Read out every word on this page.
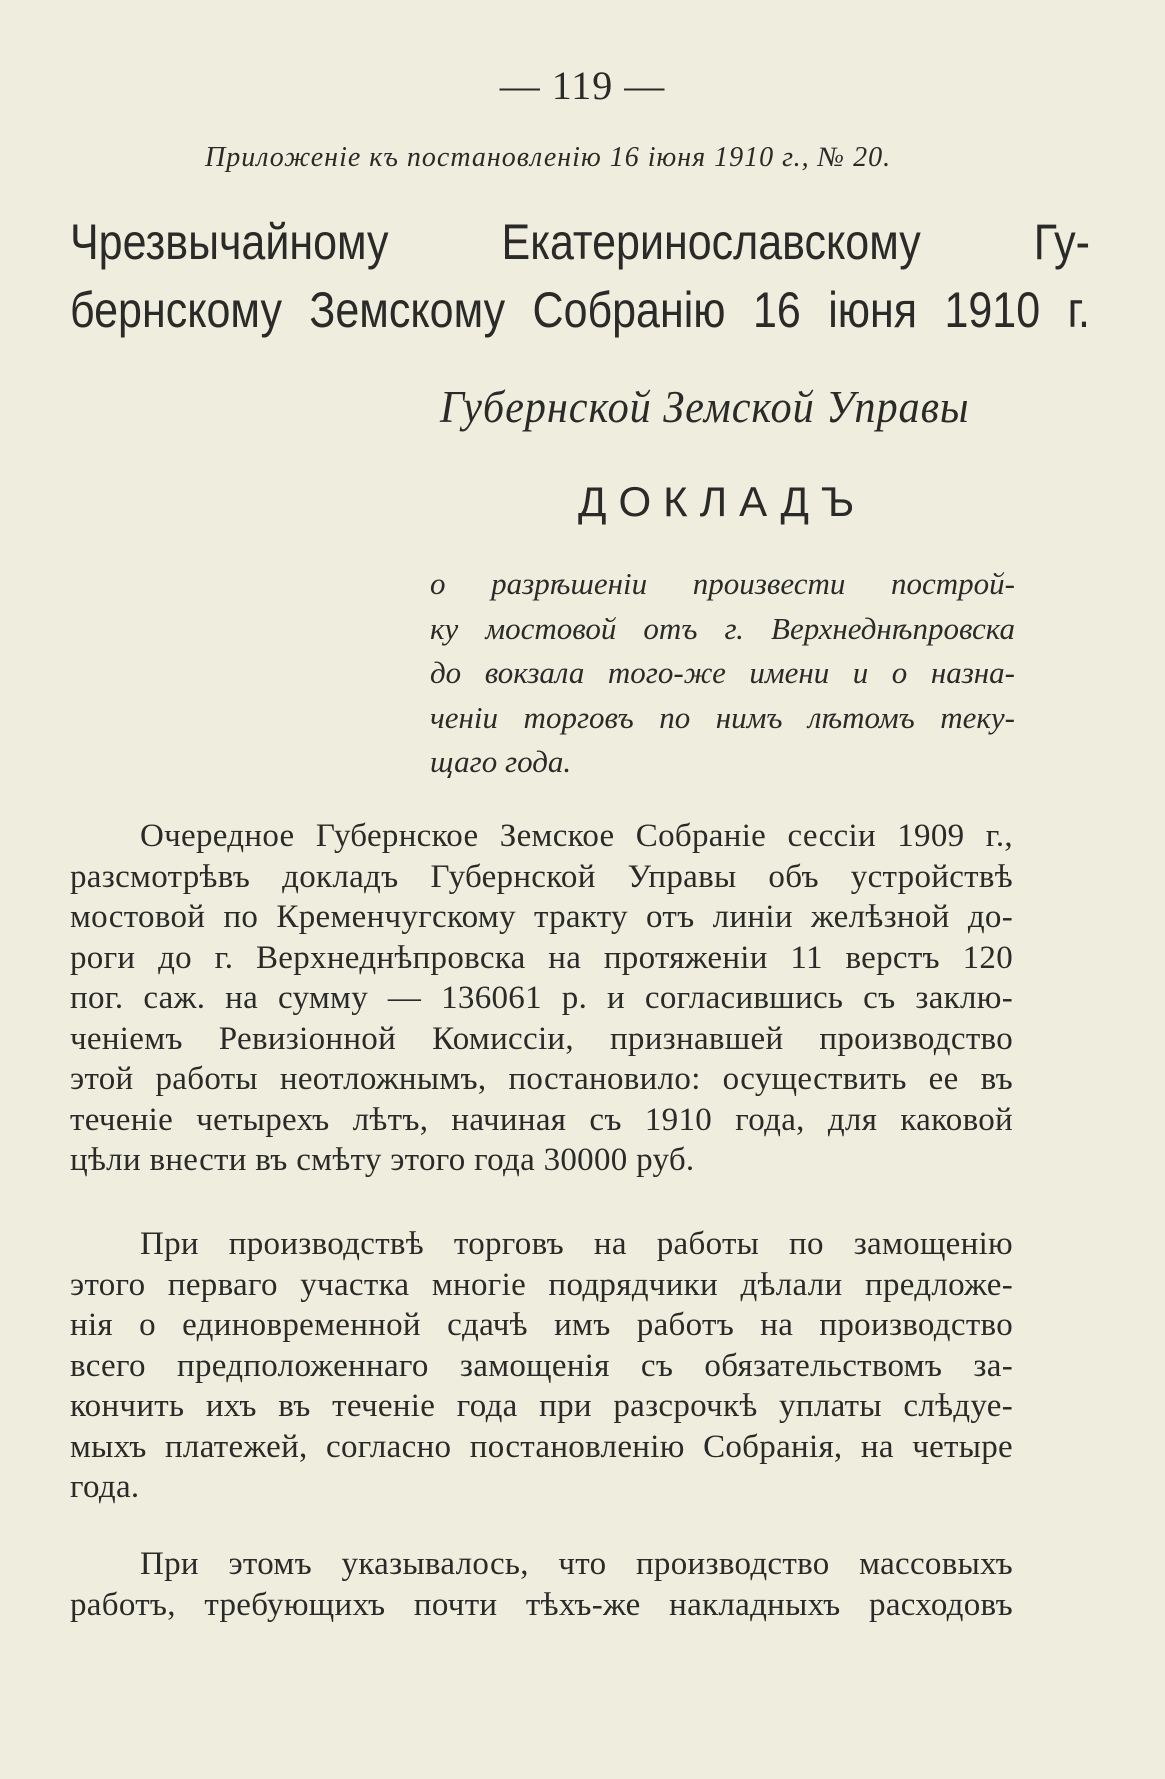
— 119 —
Приложеніе къ постановленію 16 іюня 1910 г., № 20.
Чрезвычайному Екатеринославскому Гу-
бернскому Земскому Собранію 16 іюня 1910 г.
Губернской Земской Управы
ДОКЛАДЪ
о разрѣшеніи произвести построй-
ку мостовой отъ г. Верхнеднѣпровска
до вокзала того-же имени и о назна-
ченіи торговъ по нимъ лѣтомъ теку-
щаго года.
Очередное Губернское Земское Собраніе сессіи 1909 г.,
разсмотрѣвъ докладъ Губернской Управы объ устройствѣ
мостовой по Кременчугскому тракту отъ линіи желѣзной до-
роги до г. Верхнеднѣпровска на протяженіи 11 верстъ 120
пог. саж. на сумму — 136061 р. и согласившись съ заклю-
ченіемъ Ревизіонной Комиссіи, признавшей производство
этой работы неотложнымъ, постановило: осуществить ее въ
теченіе четырехъ лѣтъ, начиная съ 1910 года, для каковой
цѣли внести въ смѣту этого года 30000 руб.
При производствѣ торговъ на работы по замощенію
этого перваго участка многіе подрядчики дѣлали предложе-
нія о единовременной сдачѣ имъ работъ на производство
всего предположеннаго замощенія съ обязательствомъ за-
кончить ихъ въ теченіе года при разсрочкѣ уплаты слѣдуе-
мыхъ платежей, согласно постановленію Собранія, на четыре
года.
При этомъ указывалось, что производство массовыхъ
работъ, требующихъ почти тѣхъ-же накладныхъ расходовъ
